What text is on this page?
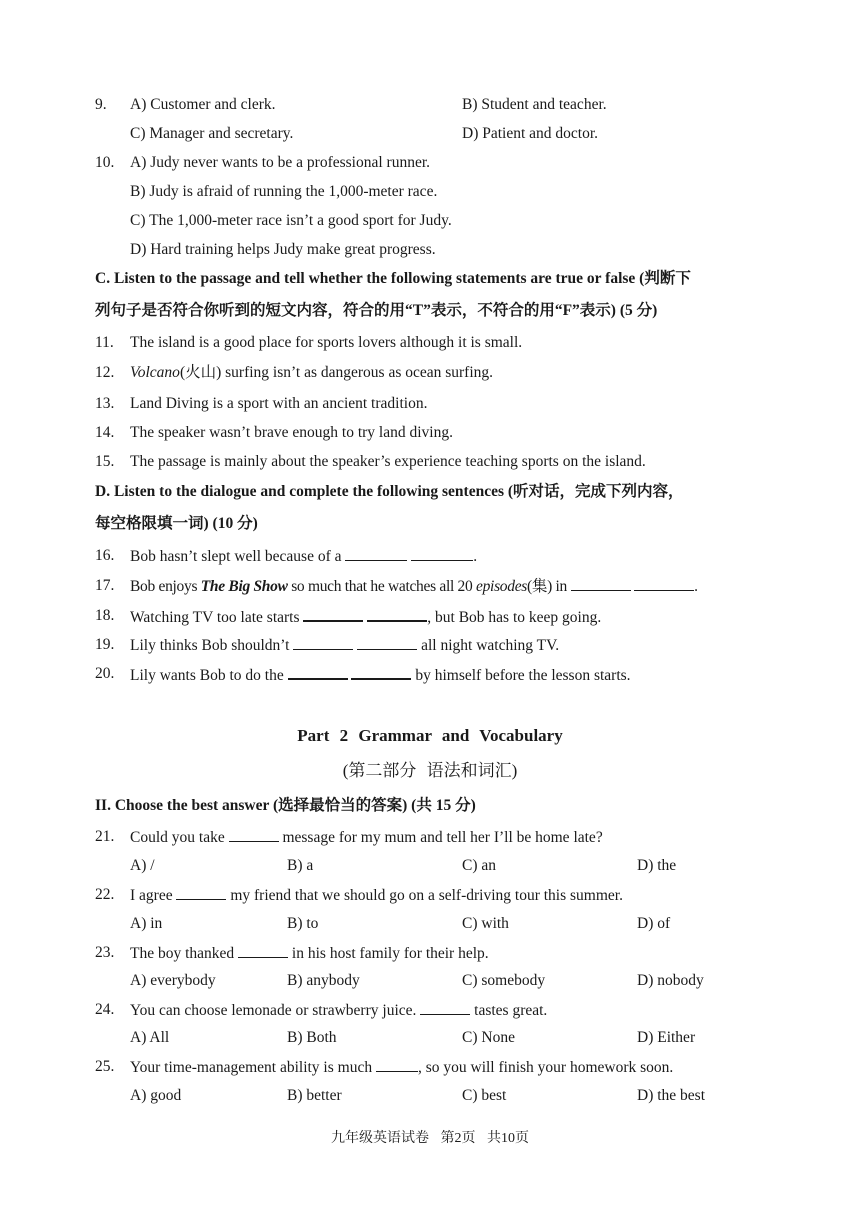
9. A) Customer and clerk.	B) Student and teacher.
C) Manager and secretary.	D) Patient and doctor.
10. A) Judy never wants to be a professional runner.
B) Judy is afraid of running the 1,000-meter race.
C) The 1,000-meter race isn’t a good sport for Judy.
D) Hard training helps Judy make great progress.
C. Listen to the passage and tell whether the following statements are true or false (判断下
列句子是否符合你听到的短文内容，符合的用“T”表示，不符合的用“F”表示) (5 分)
11. The island is a good place for sports lovers although it is small.
12. Volcano(火山) surfing isn’t as dangerous as ocean surfing.
13. Land Diving is a sport with an ancient tradition.
14. The speaker wasn’t brave enough to try land diving.
15. The passage is mainly about the speaker’s experience teaching sports on the island.
D. Listen to the dialogue and complete the following sentences (听对话，完成下列内容，
每空格限填一词) (10 分)
16. Bob hasn’t slept well because of a	.
17. Bob enjoys The Big Show so much that he watches all 20 episodes(集) in	.
18. Watching TV too late starts	, but Bob has to keep going.
19. Lily thinks Bob shouldn’t	all night watching TV.
20. Lily wants Bob to do the	by himself before the lesson starts.
Part 2 Grammar and Vocabulary
(第二部分 语法和词汇)
II. Choose the best answer (选择最恰当的答案) (共 15 分)
21. Could you take	message for my mum and tell her I’ll be home late?
A) /	B) a	C) an	D) the
22. I agree	my friend that we should go on a self-driving tour this summer.
A) in	B) to	C) with	D) of
23. The boy thanked	in his host family for their help.
A) everybody	B) anybody	C) somebody	D) nobody
24. You can choose lemonade or strawberry juice.	tastes great.
A) All	B) Both	C) None	D) Either
25. Your time-management ability is much	, so you will finish your homework soon.
A) good	B) better	C) best	D) the best
九年级英语试卷 第2页 共10页
